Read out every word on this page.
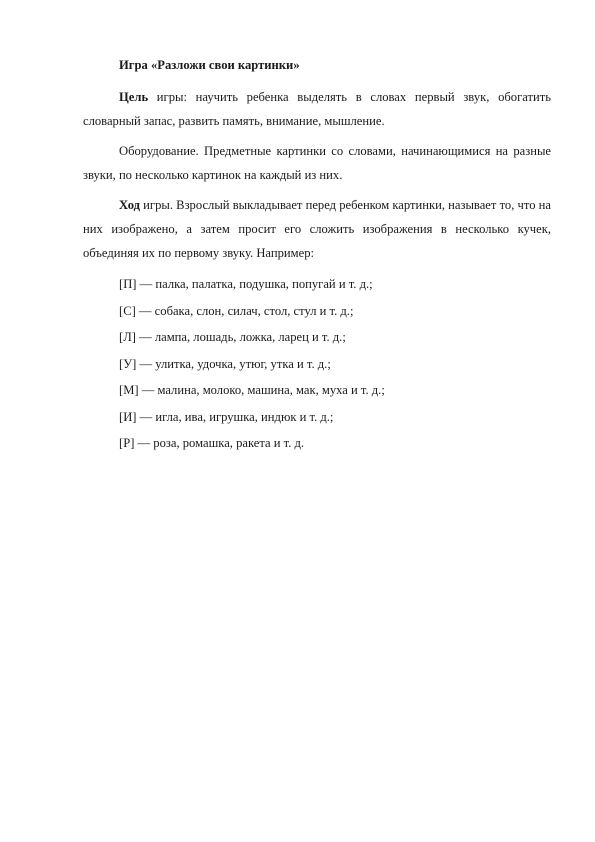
Игра «Разложи свои картинки»

Цель игры: научить ребенка выделять в словах первый звук, обогатить словарный запас, развить память, внимание, мышление.

Оборудование. Предметные картинки со словами, начинающимися на разные звуки, по несколько картинок на каждый из них.

Ход игры. Взрослый выкладывает перед ребенком картинки, называет то, что на них изображено, а затем просит его сложить изображения в несколько кучек, объединяя их по первому звуку. Например:

[П] — палка, палатка, подушка, попугай и т. д.;
[С] — собака, слон, силач, стол, стул и т. д.;
[Л] — лампа, лошадь, ложка, ларец и т. д.;
[У] — улитка, удочка, утюг, утка и т. д.;
[М] — малина, молоко, машина, мак, муха и т. д.;
[И] — игла, ива, игрушка, индюк и т. д.;
[Р] — роза, ромашка, ракета и т. д.
